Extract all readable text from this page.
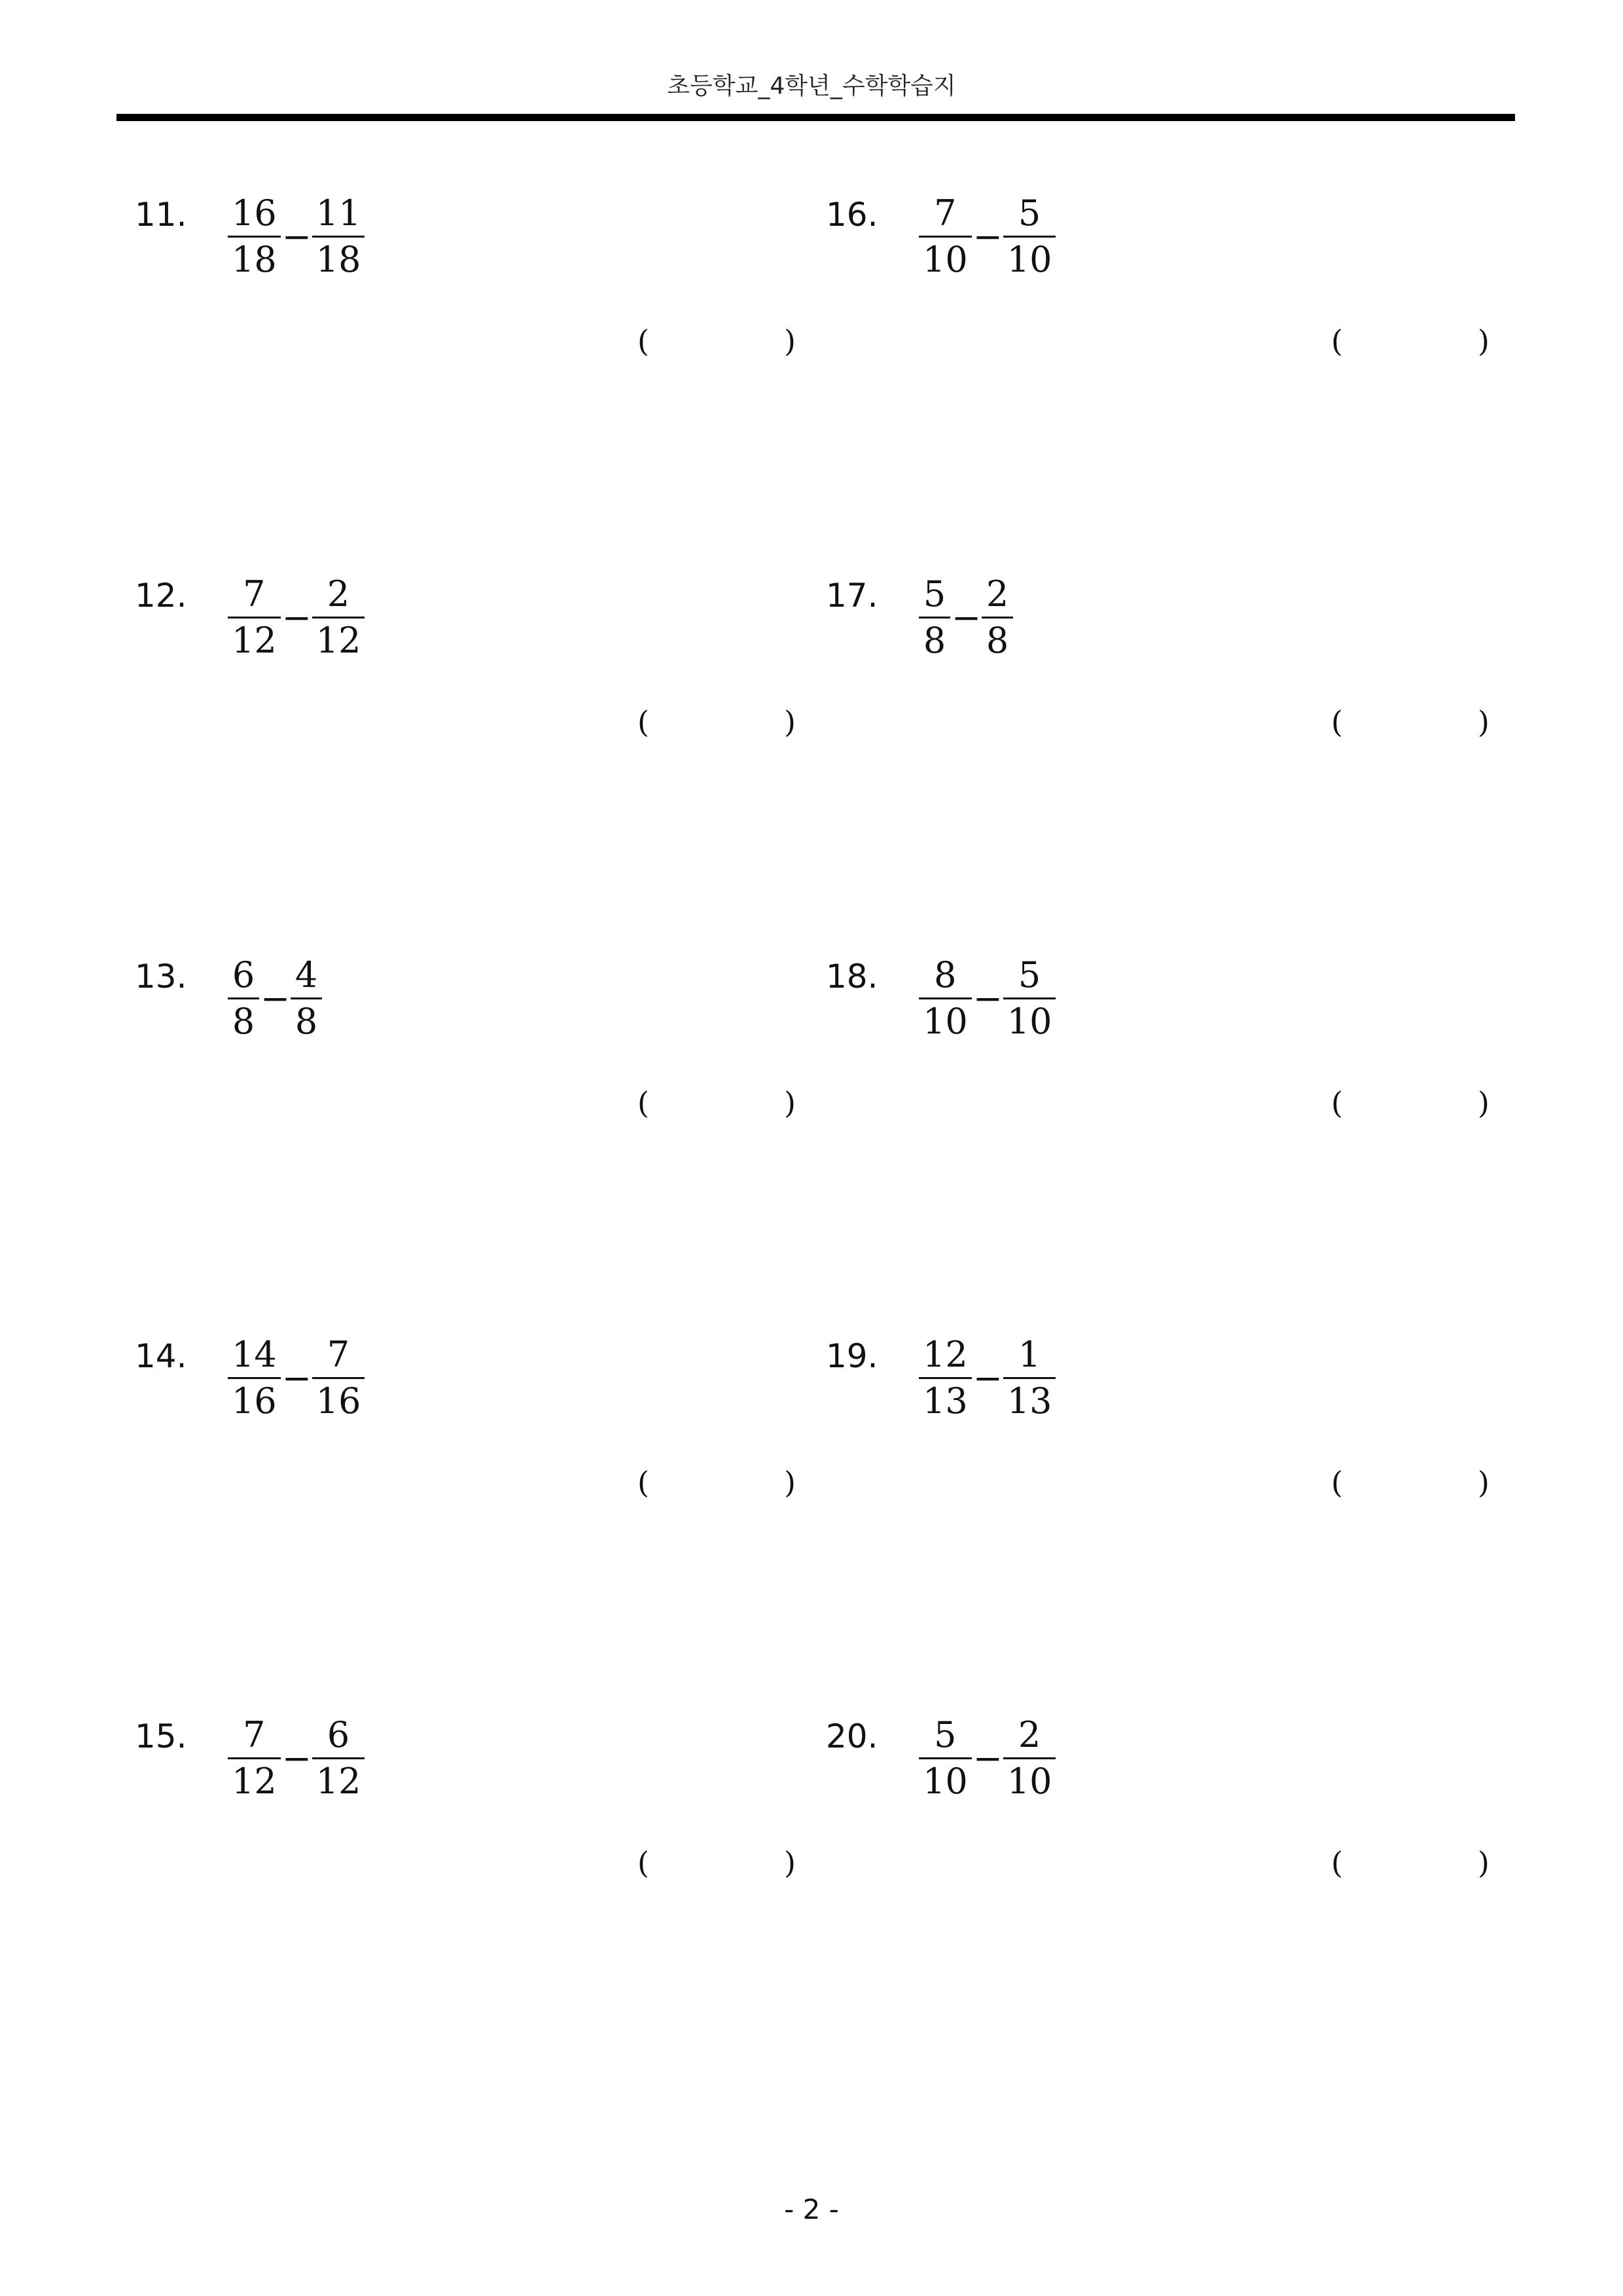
초등학교_4학년_수학학습지
11. $\frac{16}{18} - \frac{11}{18}$
(	)
12. $\frac{7}{12} - \frac{2}{12}$
(	)
13. $\frac{6}{8} - \frac{4}{8}$
(	)
14. $\frac{14}{16} - \frac{7}{16}$
(	)
15. $\frac{7}{12} - \frac{6}{12}$
(	)
16. $\frac{7}{10} - \frac{5}{10}$
(	)
17. $\frac{5}{8} - \frac{2}{8}$
(	)
18. $\frac{8}{10} - \frac{5}{10}$
(	)
19. $\frac{12}{13} - \frac{1}{13}$
(	)
20. $\frac{5}{10} - \frac{2}{10}$
(	)
- 2 -
